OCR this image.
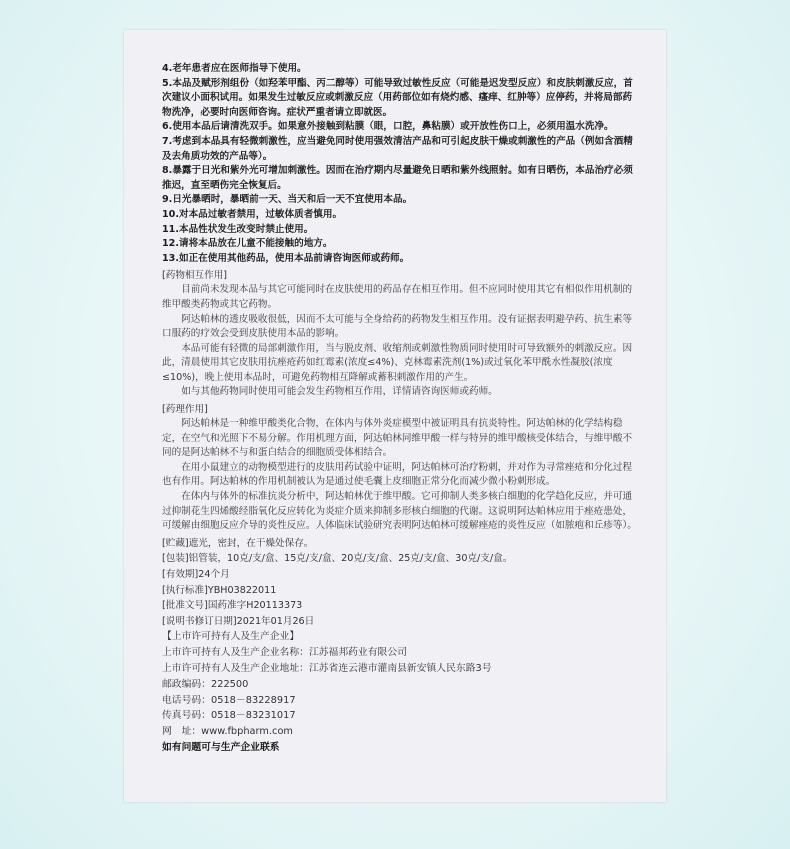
4.老年患者应在医师指导下使用。
5.本品及赋形剂组份（如羟苯甲酯、丙二醇等）可能导致过敏性反应（可能是迟发型反应）和皮肤刺激反应，首次建议小面积试用。如果发生过敏反应或刺激反应（用药部位如有烧灼感、瘙痒、红肿等）应停药，并将局部药物洗净，必要时向医师咨询。症状严重者请立即就医。
6.使用本品后请清洗双手。如果意外接触到粘膜（眼，口腔，鼻粘膜）或开放性伤口上，必须用温水洗净。
7.考虑到本品具有轻微刺激性，应当避免同时使用强效清洁产品和可引起皮肤干燥或刺激性的产品（例如含酒精及去角质功效的产品等）。
8.暴露于日光和紫外光可增加刺激性。因而在治疗期内尽量避免日晒和紫外线照射。如有日晒伤，本品治疗必须推迟，直至晒伤完全恢复后。
9.日光暴晒时，暴晒前一天、当天和后一天不宜使用本品。
10.对本品过敏者禁用，过敏体质者慎用。
11.本品性状发生改变时禁止使用。
12.请将本品放在儿童不能接触的地方。
13.如正在使用其他药品，使用本品前请咨询医师或药师。
[药物相互作用]
目前尚未发现本品与其它可能同时在皮肤使用的药品存在相互作用。但不应同时使用其它有相似作用机制的维甲酸类药物或其它药物。
阿达帕林的透皮吸收很低，因而不太可能与全身给药的药物发生相互作用。没有证据表明避孕药、抗生素等口服药的疗效会受到皮肤使用本品的影响。
本品可能有轻微的局部刺激作用，当与脱皮剂、收缩剂或刺激性物质同时使用时可导致额外的刺激反应。因此，清晨使用其它皮肤用抗痤疮药如红霉素(浓度≤4%)、克林霉素洗剂(1%)或过氧化苯甲酰水性凝胶(浓度≤10%)，晚上使用本品时，可避免药物相互降解或蓄积刺激作用的产生。
如与其他药物同时使用可能会发生药物相互作用，详情请咨询医师或药师。
[药理作用]
阿达帕林是一种维甲酸类化合物，在体内与体外炎症模型中被证明具有抗炎特性。阿达帕林的化学结构稳定，在空气和光照下不易分解。作用机理方面，阿达帕林同维甲酸一样与特异的维甲酸核受体结合，与维甲酸不同的是阿达帕林不与和蛋白结合的细胞质受体相结合。
在用小鼠建立的动物模型进行的皮肤用药试验中证明，阿达帕林可治疗粉刺，并对作为寻常痤疮和分化过程也有作用。阿达帕林的作用机制被认为是通过使毛囊上皮细胞正常分化而减少微小粉刺形成。
在体内与体外的标准抗炎分析中，阿达帕林优于维甲酸。它可抑制人类多核白细胞的化学趋化反应，并可通过抑制花生四烯酸经脂氧化反应转化为炎症介质来抑制多形核白细胞的代谢。这说明阿达帕林应用于痤疮患处，可缓解由细胞反应介导的炎性反应。人体临床试验研究表明阿达帕林可缓解痤疮的炎性反应（如脓疱和丘疹等）。
[贮藏]遮光，密封，在干燥处保存。
[包装]铝管装，10克/支/盒、15克/支/盒、20克/支/盒、25克/支/盒、30克/支/盒。
[有效期]24个月
[执行标准]YBH03822011
[批准文号]国药准字H20113373
[说明书修订日期]2021年01月26日
【上市许可持有人及生产企业】
上市许可持有人及生产企业名称：江苏福邦药业有限公司
上市许可持有人及生产企业地址：江苏省连云港市灌南县新安镇人民东路3号
邮政编码：222500
电话号码：0518－83228917
传真号码：0518－83231017
网　址：www.fbpharm.com
如有问题可与生产企业联系
